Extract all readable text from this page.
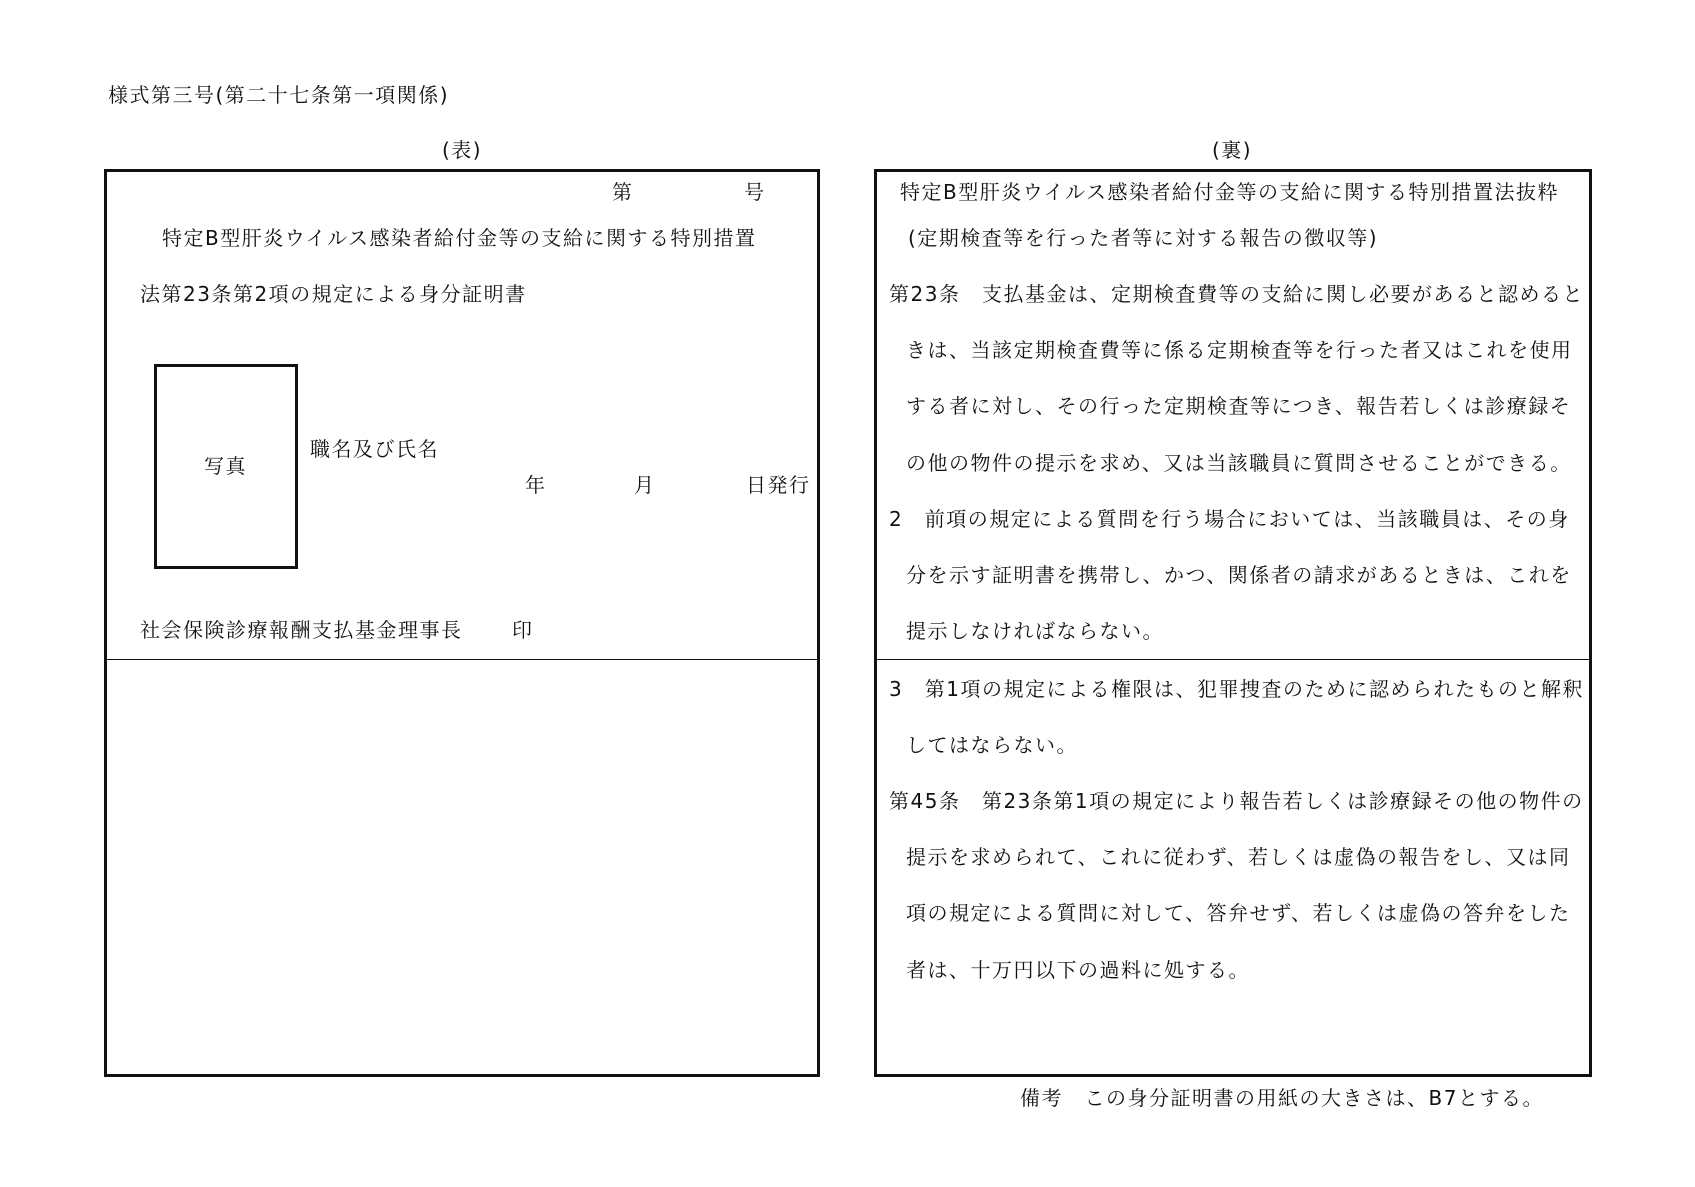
様式第三号(第二十七条第一項関係)
(表)
第	号
特定B型肝炎ウイルス感染者給付金等の支給に関する特別措置
法第23条第2項の規定による身分証明書
写真
職名及び氏名
年	月	日発行
社会保険診療報酬支払基金理事長 印
(裏)
特定B型肝炎ウイルス感染者給付金等の支給に関する特別措置法抜粋
(定期検査等を行った者等に対する報告の徴収等)
第23条　支払基金は、定期検査費等の支給に関し必要があると認めると
きは、当該定期検査費等に係る定期検査等を行った者又はこれを使用
する者に対し、その行った定期検査等につき、報告若しくは診療録そ
の他の物件の提示を求め、又は当該職員に質問させることができる。
2　前項の規定による質問を行う場合においては、当該職員は、その身
分を示す証明書を携帯し、かつ、関係者の請求があるときは、これを
提示しなければならない。
3　第1項の規定による権限は、犯罪捜査のために認められたものと解釈
してはならない。
第45条　第23条第1項の規定により報告若しくは診療録その他の物件の
提示を求められて、これに従わず、若しくは虚偽の報告をし、又は同
項の規定による質問に対して、答弁せず、若しくは虚偽の答弁をした
者は、十万円以下の過料に処する。
備考　この身分証明書の用紙の大きさは、B7とする。
